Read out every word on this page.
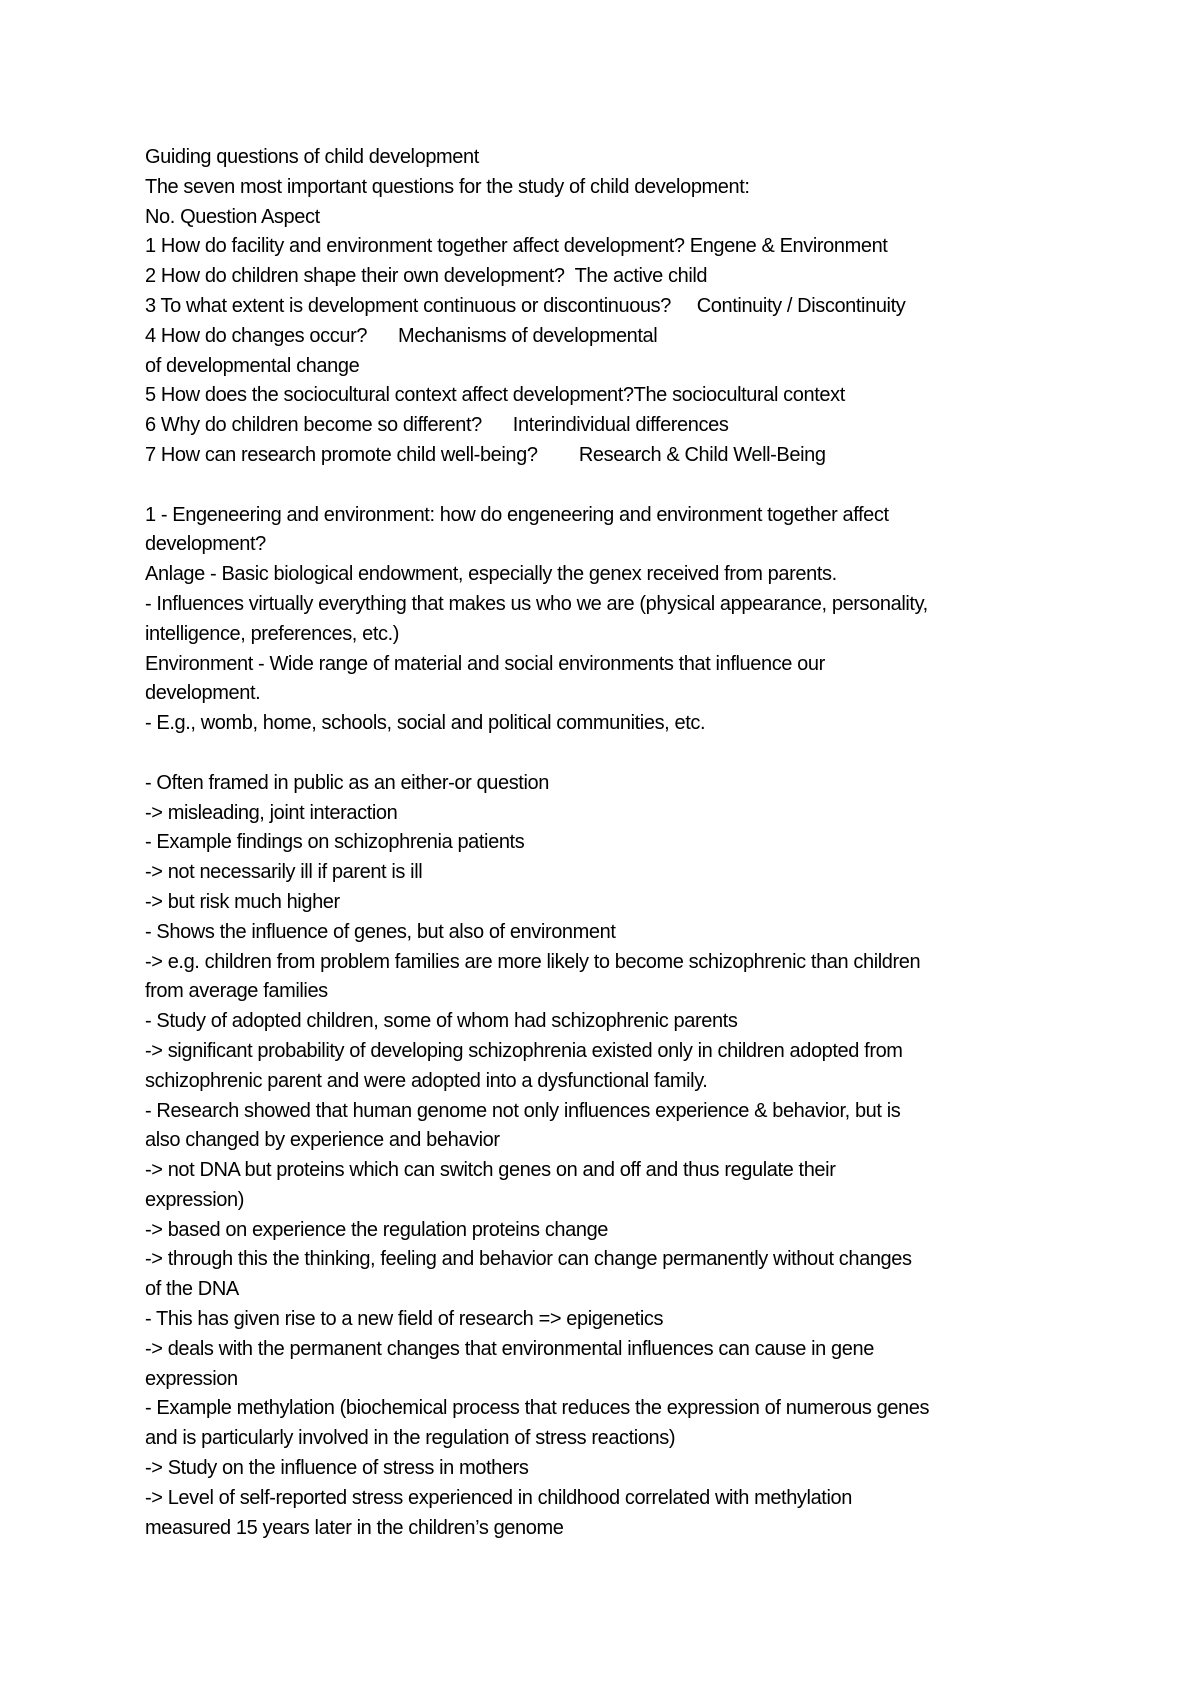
Guiding questions of child development
The seven most important questions for the study of child development:
No. Question Aspect
1 How do facility and environment together affect development? Engene & Environment
2 How do children shape their own development?  The active child
3 To what extent is development continuous or discontinuous?     Continuity / Discontinuity
4 How do changes occur?      Mechanisms of developmental
of developmental change
5 How does the sociocultural context affect development?The sociocultural context
6 Why do children become so different?      Interindividual differences
7 How can research promote child well-being?        Research & Child Well-Being
1 - Engeneering and environment: how do engeneering and environment together affect
development?
Anlage - Basic biological endowment, especially the genex received from parents.
- Influences virtually everything that makes us who we are (physical appearance, personality,
intelligence, preferences, etc.)
Environment - Wide range of material and social environments that influence our
development.
- E.g., womb, home, schools, social and political communities, etc.
- Often framed in public as an either-or question
-> misleading, joint interaction
- Example findings on schizophrenia patients
-> not necessarily ill if parent is ill
-> but risk much higher
- Shows the influence of genes, but also of environment
-> e.g. children from problem families are more likely to become schizophrenic than children
from average families
- Study of adopted children, some of whom had schizophrenic parents
-> significant probability of developing schizophrenia existed only in children adopted from
schizophrenic parent and were adopted into a dysfunctional family.
- Research showed that human genome not only influences experience & behavior, but is
also changed by experience and behavior
-> not DNA but proteins which can switch genes on and off and thus regulate their
expression)
-> based on experience the regulation proteins change
-> through this the thinking, feeling and behavior can change permanently without changes
of the DNA
- This has given rise to a new field of research => epigenetics
-> deals with the permanent changes that environmental influences can cause in gene
expression
- Example methylation (biochemical process that reduces the expression of numerous genes
and is particularly involved in the regulation of stress reactions)
-> Study on the influence of stress in mothers
-> Level of self-reported stress experienced in childhood correlated with methylation
measured 15 years later in the children’s genome
